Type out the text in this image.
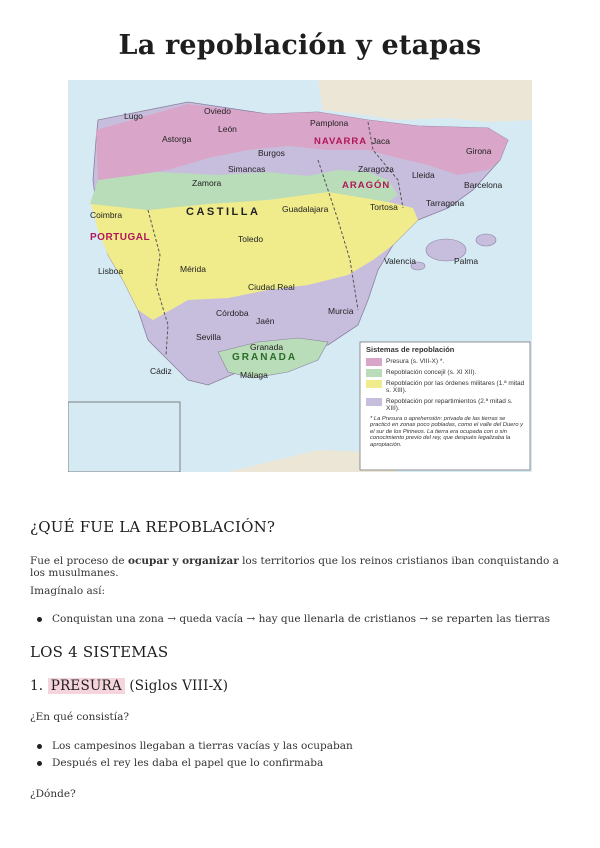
La repoblación y etapas
Oviedo
Lugo
León
Astorga
Burgos
Pamplona
Jaca
Girona
Simancas
Zamora
Zaragoza
Lleida
Barcelona
Coimbra
Guadalajara	Tortosa	Tarragona
Toledo
Lisboa	Mérida
Valencia	Palma
Ciudad Real
Córdoba
Jaén
Murcia
Sevilla
Granada
Cádiz	Málaga
NAVARRA
ARAGÓN
CASTILLA
PORTUGAL
GRANADA
Sistemas de repoblación
Presura (s. VIII-X) *.
Repoblación concejil (s. XI XII).
Repoblación por las órdenes militares (1.ª mitad s. XIII).
Repoblación por repartimientos (2.ª mitad s. XIII).
* La Presura o aprehensión: privada de las tierras se practicó en zonas poco pobladas, como el valle del Duero y el sur de los Pirineos. La tierra era ocupada con o sin conocimiento previo del rey, que después legalizaba la apropiación.
¿QUÉ FUE LA REPOBLACIÓN?

Fue el proceso de ocupar y organizar los territorios que los reinos cristianos iban conquistando a los musulmanes.

Imagínalo así:

Conquistan una zona → queda vacía → hay que llenarla de cristianos → se reparten las tierras
LOS 4 SISTEMAS
1. PRESURA (Siglos VIII-X)

¿En qué consistía?

Los campesinos llegaban a tierras vacías y las ocupaban
Después el rey les daba el papel que lo confirmaba

¿Dónde?
